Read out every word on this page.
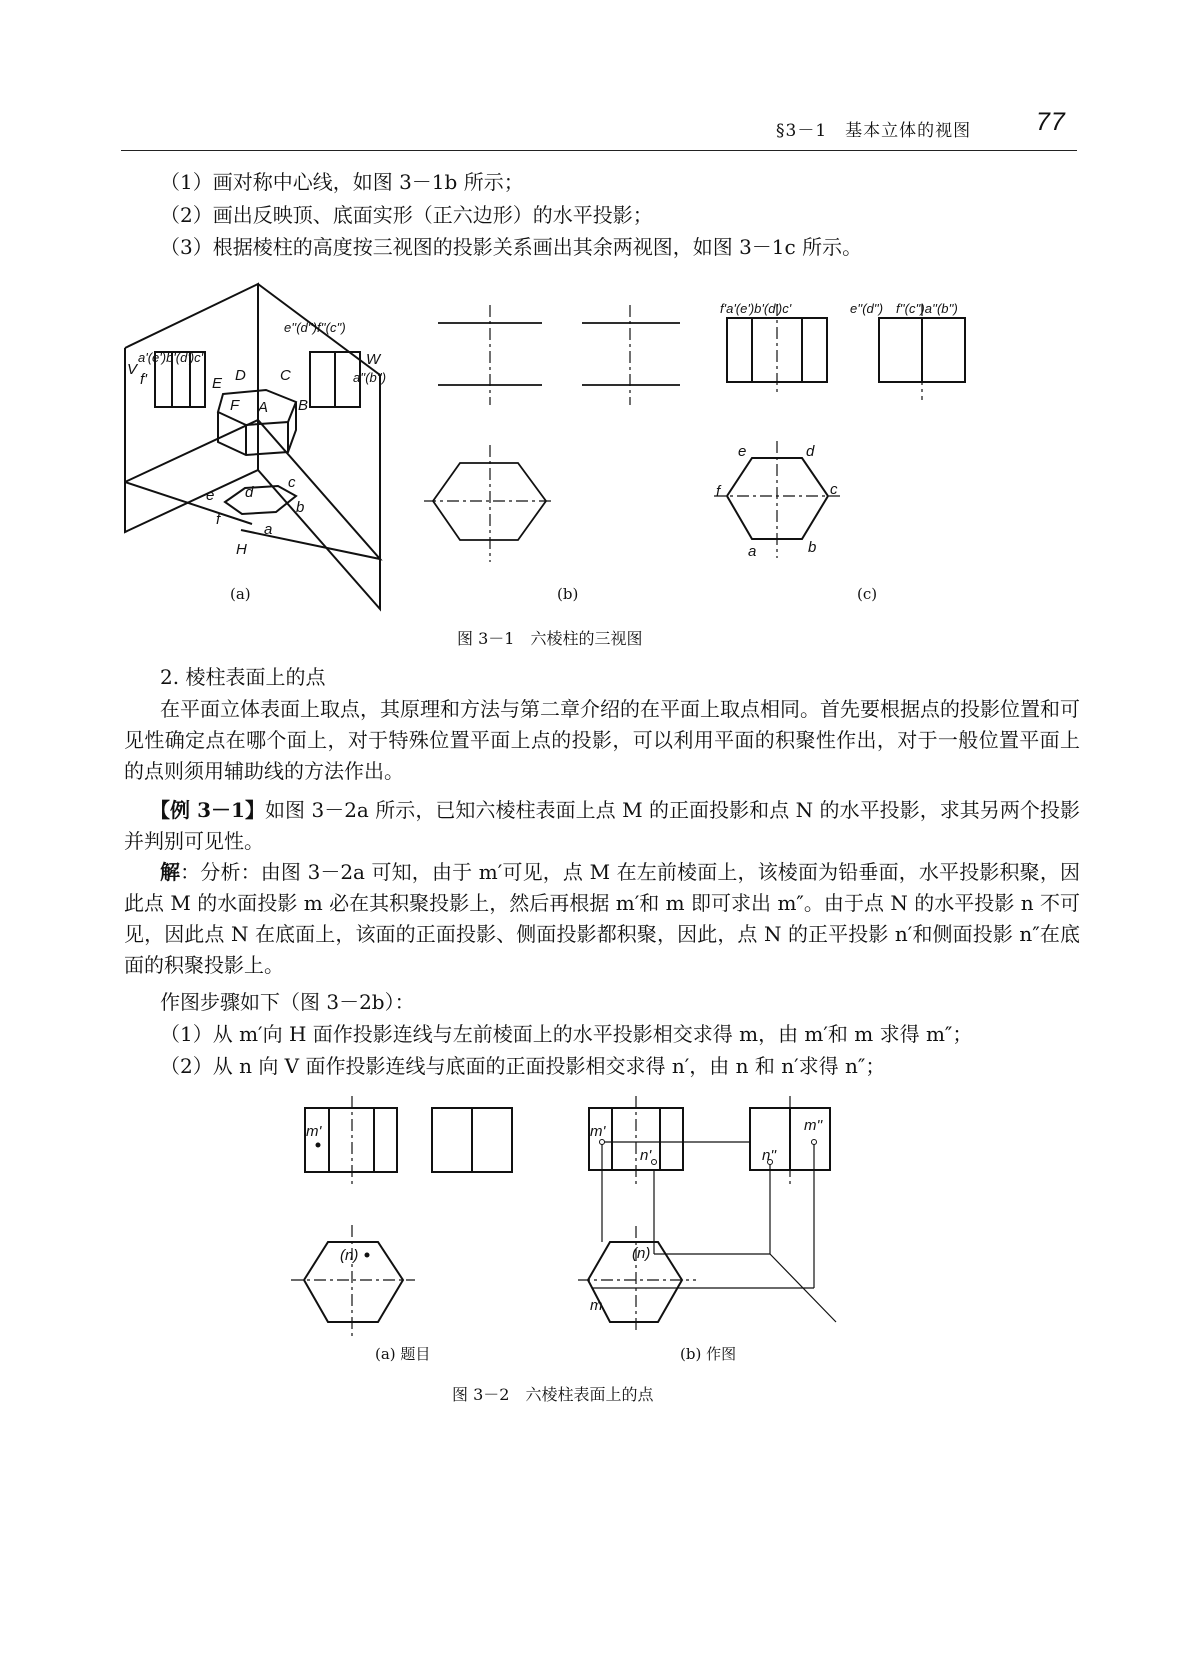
§3－1　基本立体的视图	77
（1）画对称中心线，如图 3－1b 所示；
（2）画出反映顶、底面实形（正六边形）的水平投影；
（3）根据棱柱的高度按三视图的投影关系画出其余两视图，如图 3－1c 所示。
V
a'(e')b'(d')c'
f'
e''(d'')f''(c'')
W
a''(b'')
E D C
F A B
e d
c
b
f
a
H
f'a'(e')b'(d')c'	e''(d'')　f''(c'')a''(b'')
e	d
f	c
a	b
(a)	(b)	(c)
图 3－1　六棱柱的三视图
2. 棱柱表面上的点
在平面立体表面上取点，其原理和方法与第二章介绍的在平面上取点相同。首先要根据点的投影位置和可见性确定点在哪个面上，对于特殊位置平面上点的投影，可以利用平面的积聚性作出，对于一般位置平面上的点则须用辅助线的方法作出。
【例 3－1】如图 3－2a 所示，已知六棱柱表面上点 M 的正面投影和点 N 的水平投影，求其另两个投影并判别可见性。
解：分析：由图 3－2a 可知，由于 m′可见，点 M 在左前棱面上，该棱面为铅垂面，水平投影积聚，因此点 M 的水面投影 m 必在其积聚投影上，然后再根据 m′和 m 即可求出 m″。由于点 N 的水平投影 n 不可见，因此点 N 在底面上，该面的正面投影、侧面投影都积聚，因此，点 N 的正平投影 n′和侧面投影 n″在底面的积聚投影上。
作图步骤如下（图 3－2b）：
（1）从 m′向 H 面作投影连线与左前棱面上的水平投影相交求得 m，由 m′和 m 求得 m″；
（2）从 n 向 V 面作投影连线与底面的正面投影相交求得 n′，由 n 和 n′求得 n″；
m'
(n)
m'
n'
m''
n''
(n)
m
(a) 题目	(b) 作图
图 3－2　六棱柱表面上的点
